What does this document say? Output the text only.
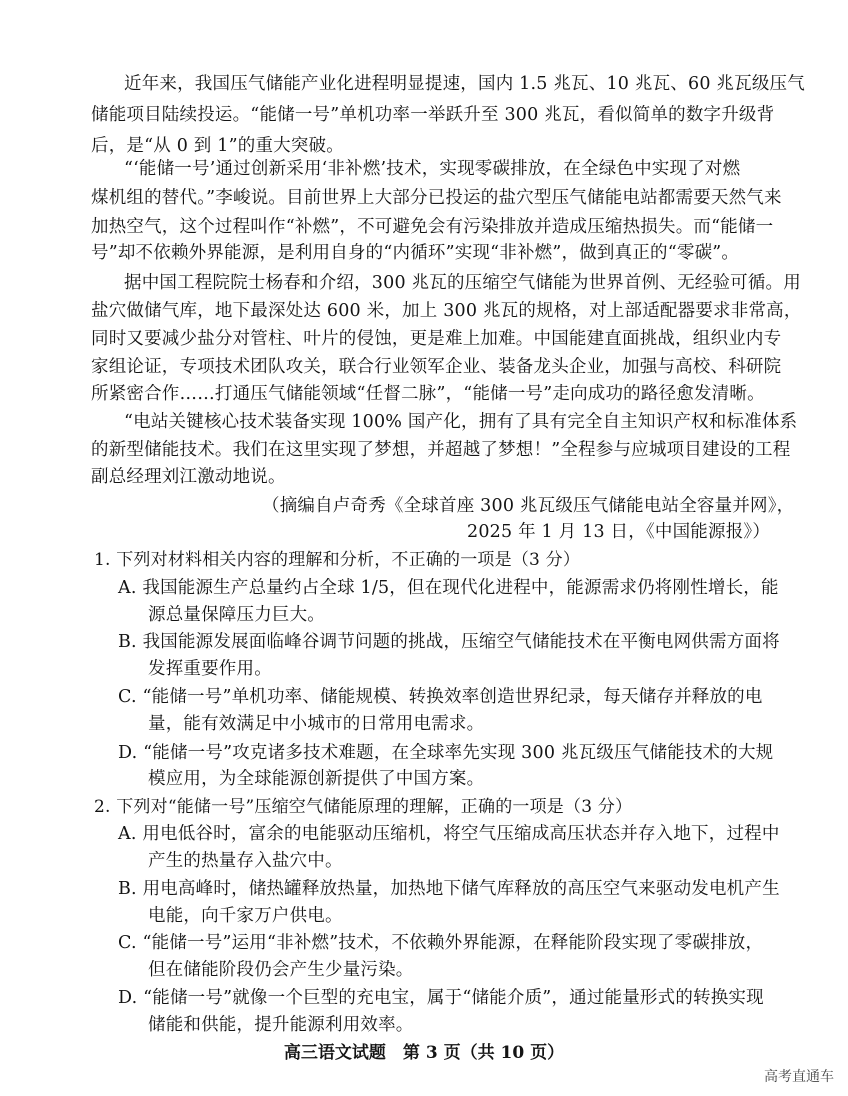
近年来，我国压气储能产业化进程明显提速，国内 1.5 兆瓦、10 兆瓦、60 兆瓦级压气
储能项目陆续投运。“能储一号”单机功率一举跃升至 300 兆瓦，看似简单的数字升级背
后，是“从 0 到 1”的重大突破。
“‘能储一号’通过创新采用‘非补燃’技术，实现零碳排放，在全绿色中实现了对燃
煤机组的替代。”李峻说。目前世界上大部分已投运的盐穴型压气储能电站都需要天然气来
加热空气，这个过程叫作“补燃”，不可避免会有污染排放并造成压缩热损失。而“能储一
号”却不依赖外界能源，是利用自身的“内循环”实现“非补燃”，做到真正的“零碳”。
据中国工程院院士杨春和介绍，300 兆瓦的压缩空气储能为世界首例、无经验可循。用
盐穴做储气库，地下最深处达 600 米，加上 300 兆瓦的规格，对上部适配器要求非常高，
同时又要减少盐分对管柱、叶片的侵蚀，更是难上加难。中国能建直面挑战，组织业内专
家组论证，专项技术团队攻关，联合行业领军企业、装备龙头企业，加强与高校、科研院
所紧密合作……打通压气储能领域“任督二脉”，“能储一号”走向成功的路径愈发清晰。
“电站关键核心技术装备实现 100% 国产化，拥有了具有完全自主知识产权和标准体系
的新型储能技术。我们在这里实现了梦想，并超越了梦想！”全程参与应城项目建设的工程
副总经理刘江激动地说。
（摘编自卢奇秀《全球首座 300 兆瓦级压气储能电站全容量并网》，
2025 年 1 月 13 日，《中国能源报》）
1. 下列对材料相关内容的理解和分析，不正确的一项是（3 分）
A. 我国能源生产总量约占全球 1/5，但在现代化进程中，能源需求仍将刚性增长，能
源总量保障压力巨大。
B. 我国能源发展面临峰谷调节问题的挑战，压缩空气储能技术在平衡电网供需方面将
发挥重要作用。
C. “能储一号”单机功率、储能规模、转换效率创造世界纪录，每天储存并释放的电
量，能有效满足中小城市的日常用电需求。
D. “能储一号”攻克诸多技术难题，在全球率先实现 300 兆瓦级压气储能技术的大规
模应用，为全球能源创新提供了中国方案。
2. 下列对“能储一号”压缩空气储能原理的理解，正确的一项是（3 分）
A. 用电低谷时，富余的电能驱动压缩机，将空气压缩成高压状态并存入地下，过程中
产生的热量存入盐穴中。
B. 用电高峰时，储热罐释放热量，加热地下储气库释放的高压空气来驱动发电机产生
电能，向千家万户供电。
C. “能储一号”运用“非补燃”技术，不依赖外界能源，在释能阶段实现了零碳排放，
但在储能阶段仍会产生少量污染。
D. “能储一号”就像一个巨型的充电宝，属于“储能介质”，通过能量形式的转换实现
储能和供能，提升能源利用效率。
高三语文试题　第 3 页（共 10 页）
高考直通车
